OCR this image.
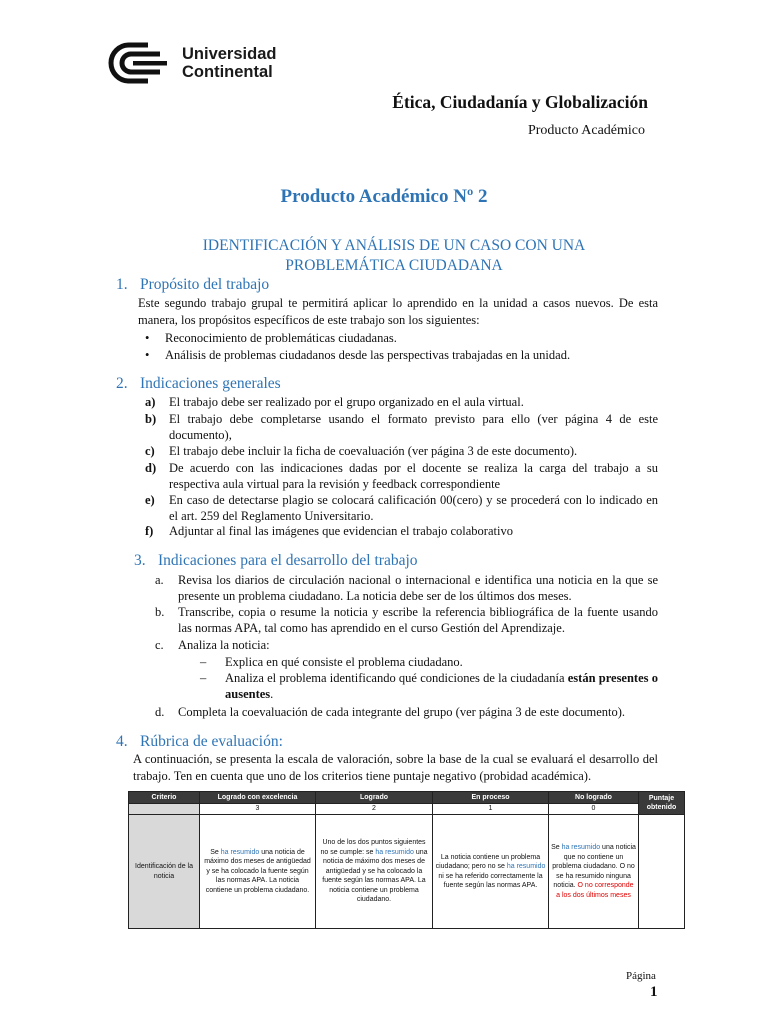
Universidad
Continental
Ética, Ciudadanía y Globalización
Producto Académico
Producto Académico Nº 2
IDENTIFICACIÓN Y ANÁLISIS DE UN CASO CON UNA PROBLEMÁTICA CIUDADANA
1. Propósito del trabajo
Este segundo trabajo grupal te permitirá aplicar lo aprendido en la unidad a casos nuevos. De esta manera, los propósitos específicos de este trabajo son los siguientes:
• Reconocimiento de problemáticas ciudadanas.
• Análisis de problemas ciudadanos desde las perspectivas trabajadas en la unidad.
2. Indicaciones generales
a) El trabajo debe ser realizado por el grupo organizado en el aula virtual.
b) El trabajo debe completarse usando el formato previsto para ello (ver página 4 de este documento),
c) El trabajo debe incluir la ficha de coevaluación (ver página 3 de este documento).
d) De acuerdo con las indicaciones dadas por el docente se realiza la carga del trabajo a su respectiva aula virtual para la revisión y feedback correspondiente
e) En caso de detectarse plagio se colocará calificación 00(cero) y se procederá con lo indicado en el art. 259 del Reglamento Universitario.
f) Adjuntar al final las imágenes que evidencian el trabajo colaborativo
3. Indicaciones para el desarrollo del trabajo
a. Revisa los diarios de circulación nacional o internacional e identifica una noticia en la que se presente un problema ciudadano. La noticia debe ser de los últimos dos meses.
b. Transcribe, copia o resume la noticia y escribe la referencia bibliográfica de la fuente usando las normas APA, tal como has aprendido en el curso Gestión del Aprendizaje.
c. Analiza la noticia:
– Explica en qué consiste el problema ciudadano.
– Analiza el problema identificando qué condiciones de la ciudadanía están presentes o ausentes.
d. Completa la coevaluación de cada integrante del grupo (ver página 3 de este documento).
4. Rúbrica de evaluación:
A continuación, se presenta la escala de valoración, sobre la base de la cual se evaluará el desarrollo del trabajo. Ten en cuenta que uno de los criterios tiene puntaje negativo (probidad académica).
Criterio	Logrado con excelencia	Logrado	En proceso	No logrado	Puntaje obtenido
	3	2	1	0	
Identificación de la noticia	Se ha resumido una noticia de máximo dos meses de antigüedad y se ha colocado la fuente según las normas APA. La noticia contiene un problema ciudadano.	Uno de los dos puntos siguientes no se cumple: se ha resumido una noticia de máximo dos meses de antigüedad y se ha colocado la fuente según las normas APA. La noticia contiene un problema ciudadano.	La noticia contiene un problema ciudadano; pero no se ha resumido ni se ha referido correctamente la fuente según las normas APA.	Se ha resumido una noticia que no contiene un problema ciudadano. O no se ha resumido ninguna noticia. O no corresponde a los dos últimos meses	
Página
1
